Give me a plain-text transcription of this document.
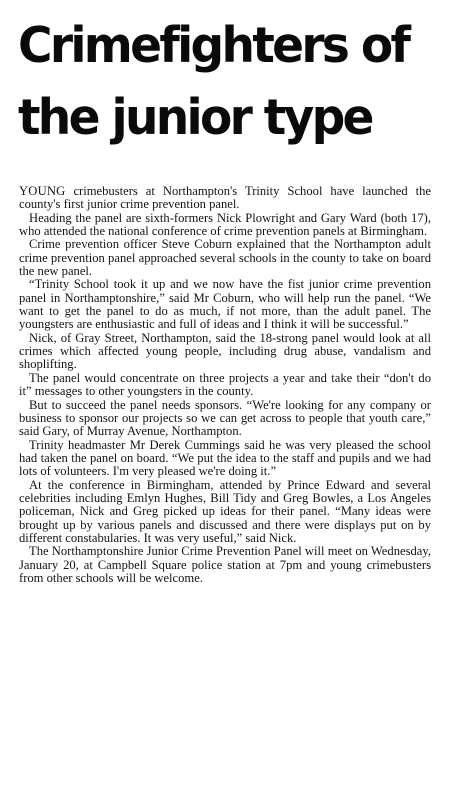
Crimefighters of
the junior type

YOUNG crimebusters at Northampton's Trinity School have launched the county's first junior crime prevention panel.

Heading the panel are sixth-formers Nick Plowright and Gary Ward (both 17), who attended the national conference of crime prevention panels at Birmingham.

Crime prevention officer Steve Coburn explained that the Northampton adult crime prevention panel approached several schools in the county to take on board the new panel.

“Trinity School took it up and we now have the fist junior crime prevention panel in Northamptonshire,” said Mr Coburn, who will help run the panel. “We want to get the panel to do as much, if not more, than the adult panel. The youngsters are enthusiastic and full of ideas and I think it will be successful.”

Nick, of Gray Street, Northampton, said the 18-strong panel would look at all crimes which affected young people, including drug abuse, vandalism and shoplifting.

The panel would concentrate on three projects a year and take their “don't do it” messages to other youngsters in the county.

But to succeed the panel needs sponsors. “We're looking for any company or business to sponsor our projects so we can get across to people that youth care,” said Gary, of Murray Avenue, Northampton.

Trinity headmaster Mr Derek Cummings said he was very pleased the school had taken the panel on board. “We put the idea to the staff and pupils and we had lots of volunteers. I'm very pleased we're doing it.”

At the conference in Birmingham, attended by Prince Edward and several celebrities including Emlyn Hughes, Bill Tidy and Greg Bowles, a Los Angeles policeman, Nick and Greg picked up ideas for their panel. “Many ideas were brought up by various panels and discussed and there were displays put on by different constabularies. It was very useful,” said Nick.

The Northamptonshire Junior Crime Prevention Panel will meet on Wednesday, January 20, at Campbell Square police station at 7pm and young crimebusters from other schools will be welcome.
